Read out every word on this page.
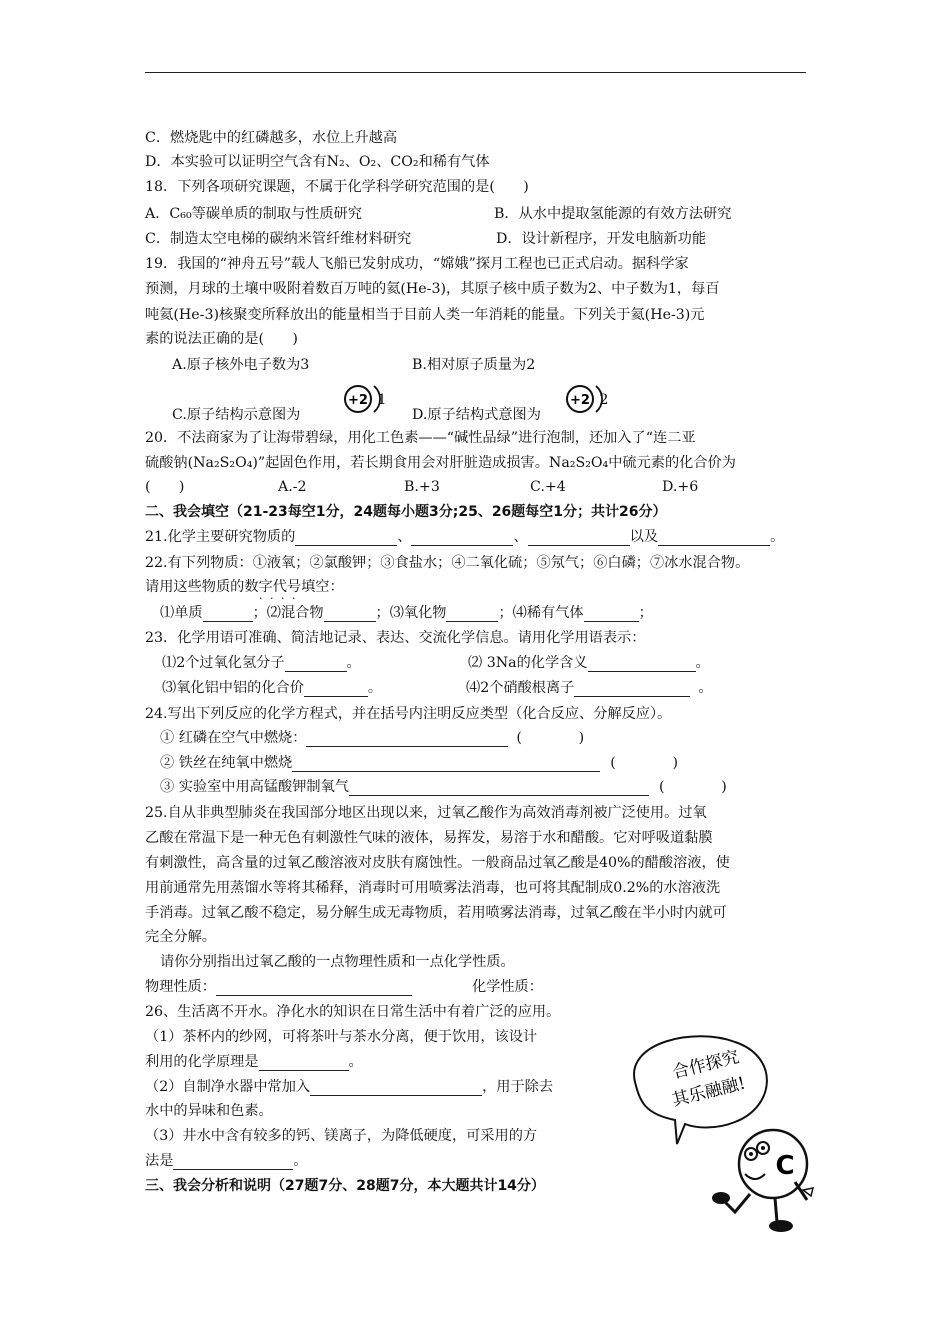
C．燃烧匙中的红磷越多，水位上升越高
D．本实验可以证明空气含有N₂、O₂、CO₂和稀有气体
18．下列各项研究课题，不属于化学科学研究范围的是(　　)
A．C₆₀等碳单质的制取与性质研究	B．从水中提取氢能源的有效方法研究
C．制造太空电梯的碳纳米管纤维材料研究	D．设计新程序，开发电脑新功能
19．我国的“神舟五号”载人飞船已发射成功，“嫦娥”探月工程也已正式启动。据科学家
预测，月球的土壤中吸附着数百万吨的氦(He-3)，其原子核中质子数为2、中子数为1，每百
吨氦(He-3)核聚变所释放出的能量相当于目前人类一年消耗的能量。下列关于氦(He-3)元
素的说法正确的是(　　)
A.原子核外电子数为3	B.相对原子质量为2
C.原子结构示意图为	D.原子结构式意图为
+2 1	+2 2
20．不法商家为了让海带碧绿，用化工色素——“碱性品绿”进行泡制，还加入了“连二亚
硫酸钠(Na₂S₂O₄)”起固色作用，若长期食用会对肝脏造成损害。Na₂S₂O₄中硫元素的化合价为
(　　)	A.-2	B.+3	C.+4	D.+6
二、我会填空（21-23每空1分，24题每小题3分;25、26题每空1分；共计26分）
21.化学主要研究物质的	、	、	以及	。
22.有下列物质：①液氧；②氯酸钾；③食盐水；④二氧化硫；⑤氖气；⑥白磷；⑦冰水混合物。
请用这些物质的数字代号填空：
· · · ·
⑴单质	；⑵混合物	；⑶氧化物	；⑷稀有气体	；
23．化学用语可准确、简洁地记录、表达、交流化学信息。请用化学用语表示：
⑴2个过氧化氢分子	。	⑵ 3Na的化学含义	。
⑶氧化铝中铝的化合价	。	⑷2个硝酸根离子	。
24.写出下列反应的化学方程式，并在括号内注明反应类型（化合反应、分解反应）。
① 红磷在空气中燃烧：	(　　　　)
② 铁丝在纯氧中燃烧	(　　　　)
③ 实验室中用高锰酸钾制氧气	(　　　　)
25.自从非典型肺炎在我国部分地区出现以来，过氧乙酸作为高效消毒剂被广泛使用。过氧
乙酸在常温下是一种无色有刺激性气味的液体，易挥发，易溶于水和醋酸。它对呼吸道黏膜
有刺激性，高含量的过氧乙酸溶液对皮肤有腐蚀性。一般商品过氧乙酸是40%的醋酸溶液，使
用前通常先用蒸馏水等将其稀释，消毒时可用喷雾法消毒，也可将其配制成0.2%的水溶液洗
手消毒。过氧乙酸不稳定，易分解生成无毒物质，若用喷雾法消毒，过氧乙酸在半小时内就可
完全分解。
请你分别指出过氧乙酸的一点物理性质和一点化学性质。
物理性质：	化学性质：
26、生活离不开水。净化水的知识在日常生活中有着广泛的应用。
（1）茶杯内的纱网，可将茶叶与茶水分离，便于饮用，该设计
利用的化学原理是	。
（2）自制净水器中常加入	，用于除去
水中的异味和色素。
（3）井水中含有较多的钙、镁离子，为降低硬度，可采用的方
法是	。
三、我会分析和说明（27题7分、28题7分，本大题共计14分）
合作探究
其乐融融!
C
